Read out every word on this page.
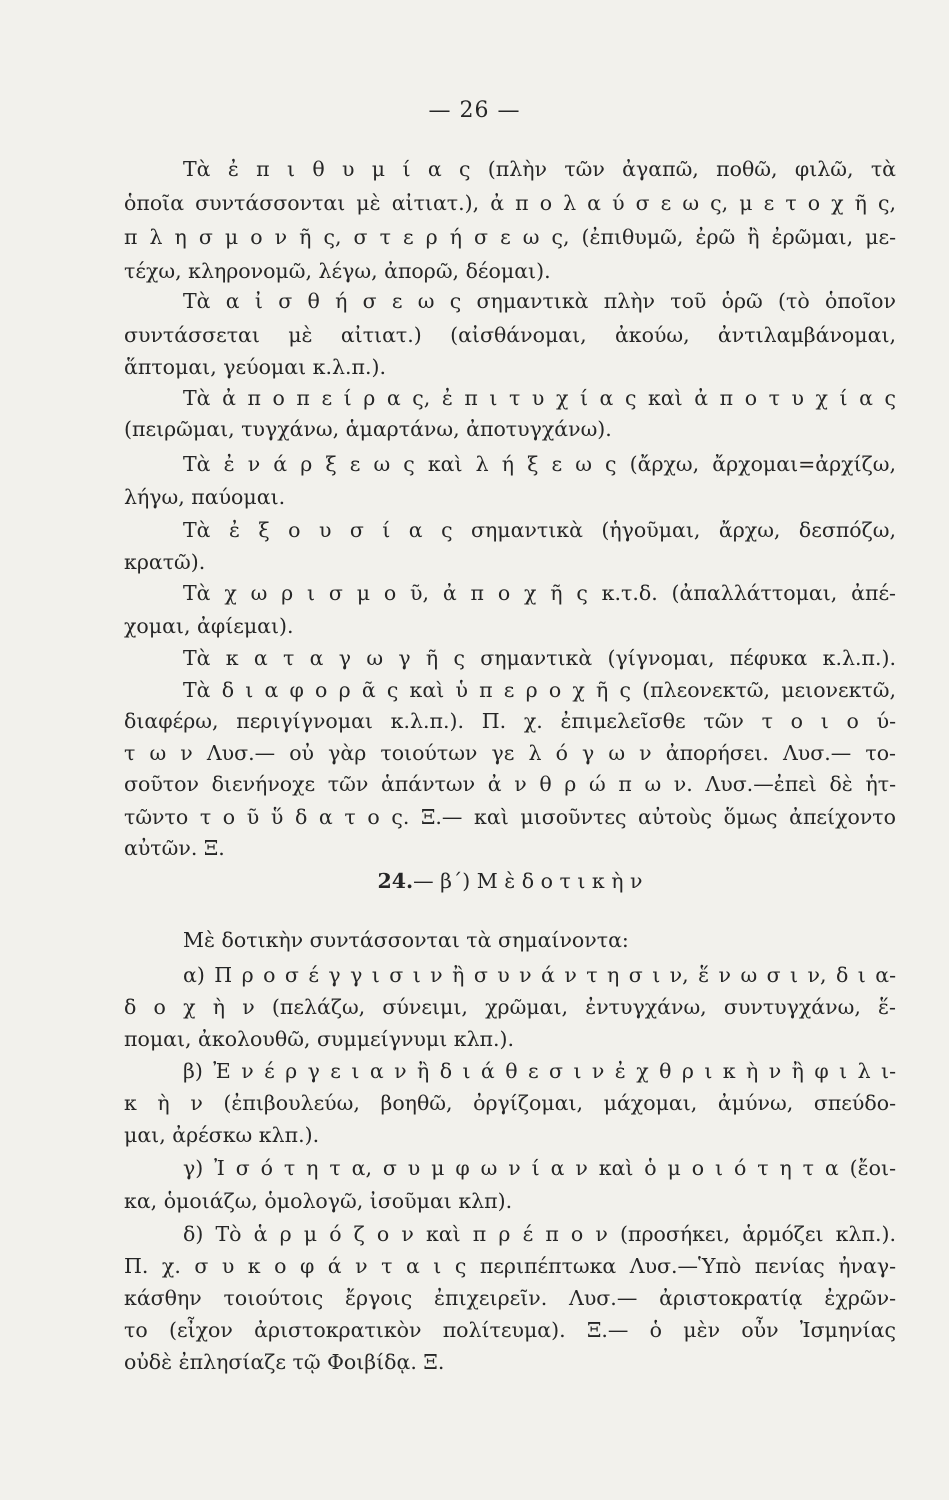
— 26 —
Τὰ ἐ π ι θ υ μ ί α ς (πλὴν τῶν ἀγαπῶ, ποθῶ, φιλῶ, τὰ
ὁποῖα συντάσσονται μὲ αἰτιατ.), ἀ π ο λ α ύ σ ε ω ς, μ ε τ ο χ ῆ ς,
π λ η σ μ ο ν ῆ ς, σ τ ε ρ ή σ ε ω ς, (ἐπιθυμῶ, ἐρῶ ἢ ἐρῶμαι, με-
τέχω, κληρονομῶ, λέγω, ἀπορῶ, δέομαι).
Τὰ α ἰ σ θ ή σ ε ω ς σημαντικὰ πλὴν τοῦ ὁρῶ (τὸ ὁποῖον
συντάσσεται μὲ αἰτιατ.) (αἰσθάνομαι, ἀκούω, ἀντιλαμβάνομαι,
ἅπτομαι, γεύομαι κ.λ.π.).
Τὰ ἀ π ο π ε ί ρ α ς, ἐ π ι τ υ χ ί α ς καὶ ἀ π ο τ υ χ ί α ς
(πειρῶμαι, τυγχάνω, ἁμαρτάνω, ἀποτυγχάνω).
Τὰ ἐ ν ά ρ ξ ε ω ς καὶ λ ή ξ ε ω ς (ἄρχω, ἄρχομαι=ἀρχίζω,
λήγω, παύομαι.
Τὰ ἐ ξ ο υ σ ί α ς σημαντικὰ (ἡγοῦμαι, ἄρχω, δεσπόζω,
κρατῶ).
Τὰ χ ω ρ ι σ μ ο ῦ, ἀ π ο χ ῆ ς κ.τ.δ. (ἀπαλλάττομαι, ἀπέ-
χομαι, ἀφίεμαι).
Τὰ κ α τ α γ ω γ ῆ ς σημαντικὰ (γίγνομαι, πέφυκα κ.λ.π.).
Τὰ δ ι α φ ο ρ ᾶ ς καὶ ὑ π ε ρ ο χ ῆ ς (πλεονεκτῶ, μειονεκτῶ,
διαφέρω, περιγίγνομαι κ.λ.π.). Π. χ. ἐπιμελεῖσθε τῶν τ ο ι ο ύ-
τ ω ν Λυσ.— οὐ γὰρ τοιούτων γε λ ό γ ω ν ἀπορήσει. Λυσ.— το-
σοῦτον διενήνοχε τῶν ἁπάντων ἀ ν θ ρ ώ π ω ν. Λυσ.—ἐπεὶ δὲ ἡτ-
τῶντο τ ο ῦ ὕ δ α τ ο ς. Ξ.— καὶ μισοῦντες αὐτοὺς ὅμως ἀπείχοντο
αὐτῶν. Ξ.
24.— β΄) Μ ὲ δ ο τ ι κ ὴ ν
Μὲ δοτικὴν συντάσσονται τὰ σημαίνοντα:
α) Π ρ ο σ έ γ γ ι σ ι ν ἢ σ υ ν ά ν τ η σ ι ν, ἕ ν ω σ ι ν, δ ι α-
δ ο χ ὴ ν (πελάζω, σύνειμι, χρῶμαι, ἐντυγχάνω, συντυγχάνω, ἕ-
πομαι, ἀκολουθῶ, συμμείγνυμι κλπ.).
β) Ἐ ν έ ρ γ ε ι α ν ἢ δ ι ά θ ε σ ι ν ἐ χ θ ρ ι κ ὴ ν ἢ φ ι λ ι-
κ ὴ ν (ἐπιβουλεύω, βοηθῶ, ὀργίζομαι, μάχομαι, ἀμύνω, σπεύδο-
μαι, ἀρέσκω κλπ.).
γ) Ἰ σ ό τ η τ α, σ υ μ φ ω ν ί α ν καὶ ὁ μ ο ι ό τ η τ α (ἔοι-
κα, ὁμοιάζω, ὁμολογῶ, ἰσοῦμαι κλπ).
δ) Τὸ ἁ ρ μ ό ζ ο ν καὶ π ρ έ π ο ν (προσήκει, ἁρμόζει κλπ.).
Π. χ. σ υ κ ο φ ά ν τ α ι ς περιπέπτωκα Λυσ.—Ὑπὸ πενίας ἠναγ-
κάσθην τοιούτοις ἔργοις ἐπιχειρεῖν. Λυσ.— ἀριστοκρατίᾳ ἐχρῶν-
το (εἶχον ἀριστοκρατικὸν πολίτευμα). Ξ.— ὁ μὲν οὖν Ἰσμηνίας
οὐδὲ ἐπλησίαζε τῷ Φοιβίδᾳ. Ξ.
